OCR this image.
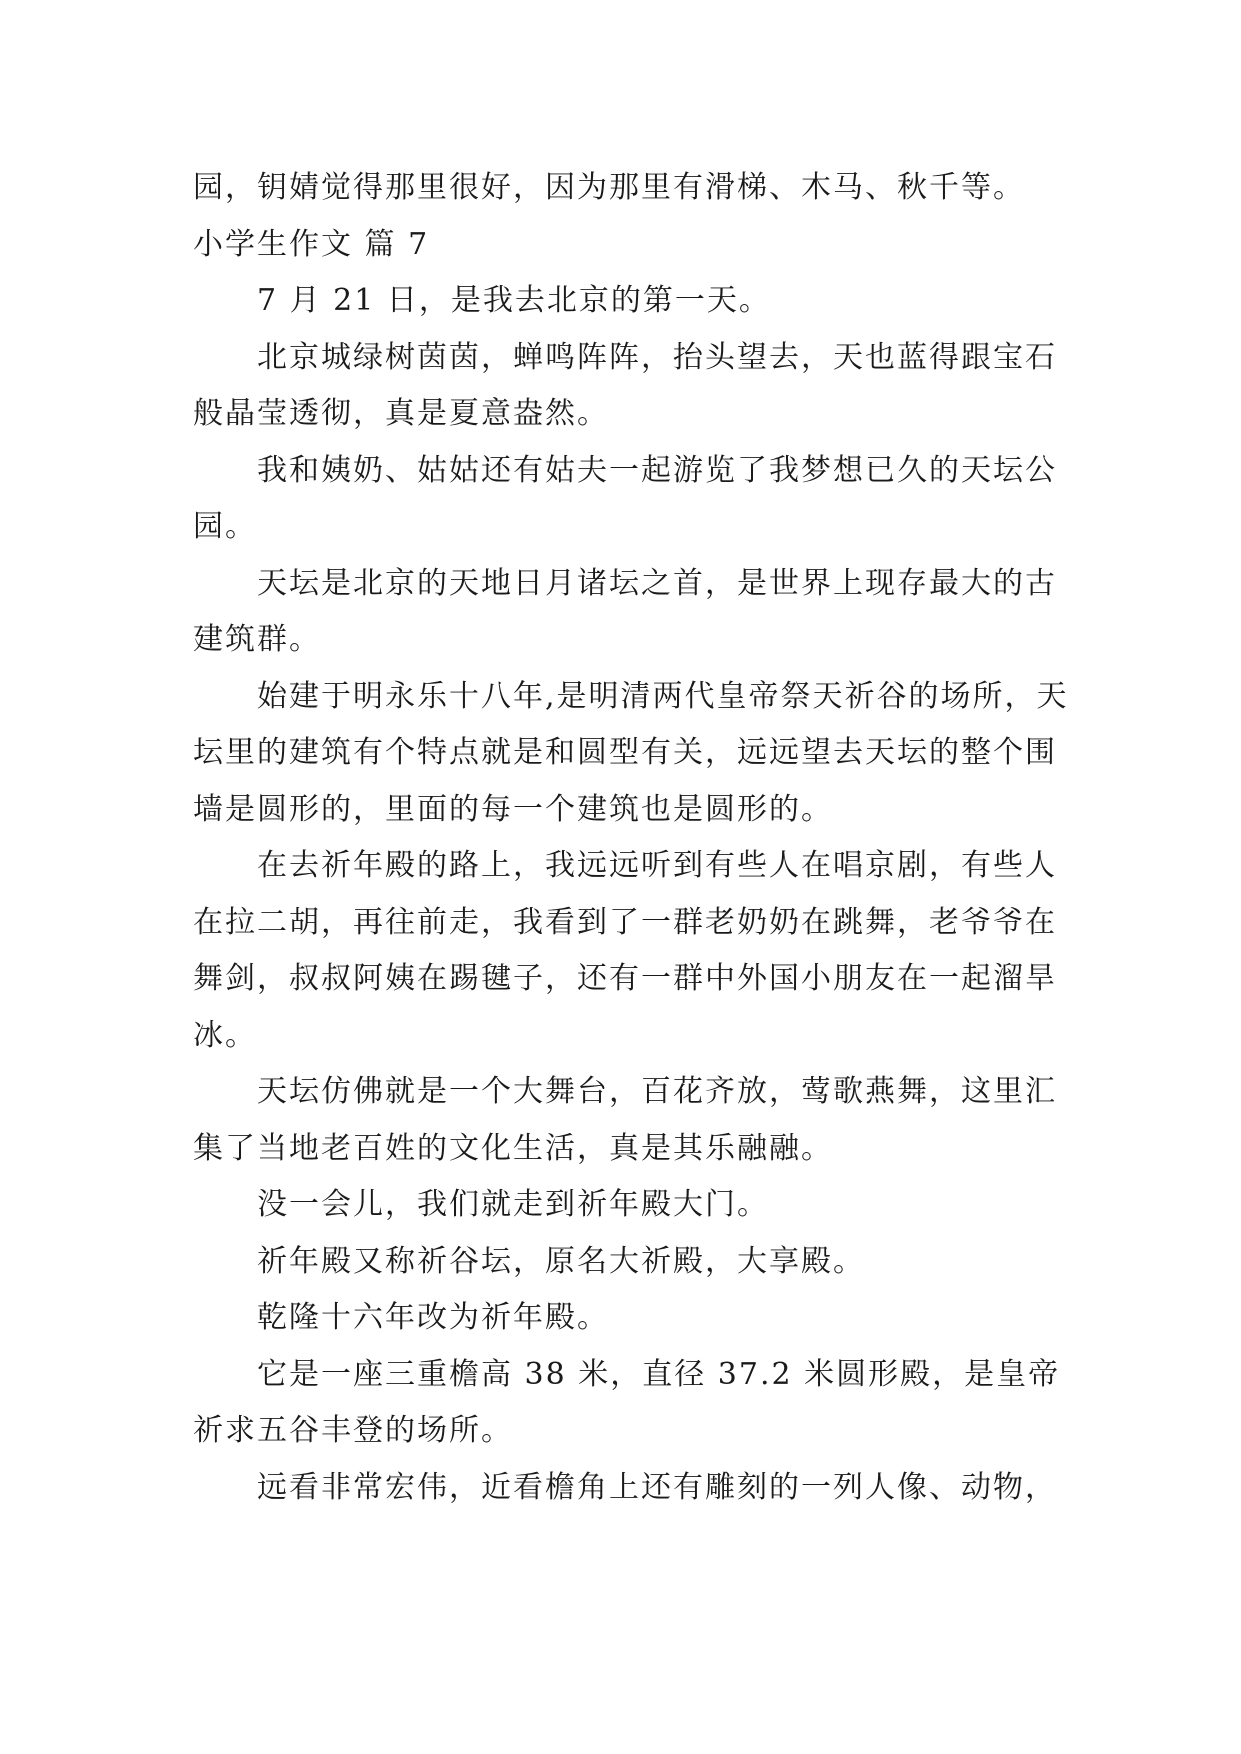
园，钥婧觉得那里很好，因为那里有滑梯、木马、秋千等。

小学生作文 篇 7

7 月 21 日，是我去北京的第一天。

北京城绿树茵茵，蝉鸣阵阵，抬头望去，天也蓝得跟宝石般晶莹透彻，真是夏意盎然。

我和姨奶、姑姑还有姑夫一起游览了我梦想已久的天坛公园。

天坛是北京的天地日月诸坛之首，是世界上现存最大的古建筑群。

始建于明永乐十八年,是明清两代皇帝祭天祈谷的场所，天坛里的建筑有个特点就是和圆型有关，远远望去天坛的整个围墙是圆形的，里面的每一个建筑也是圆形的。

在去祈年殿的路上，我远远听到有些人在唱京剧，有些人在拉二胡，再往前走，我看到了一群老奶奶在跳舞，老爷爷在舞剑，叔叔阿姨在踢毽子，还有一群中外国小朋友在一起溜旱冰。

天坛仿佛就是一个大舞台，百花齐放，莺歌燕舞，这里汇集了当地老百姓的文化生活，真是其乐融融。

没一会儿，我们就走到祈年殿大门。

祈年殿又称祈谷坛，原名大祈殿，大享殿。

乾隆十六年改为祈年殿。

它是一座三重檐高 38 米，直径 37.2 米圆形殿，是皇帝祈求五谷丰登的场所。

远看非常宏伟，近看檐角上还有雕刻的一列人像、动物，
